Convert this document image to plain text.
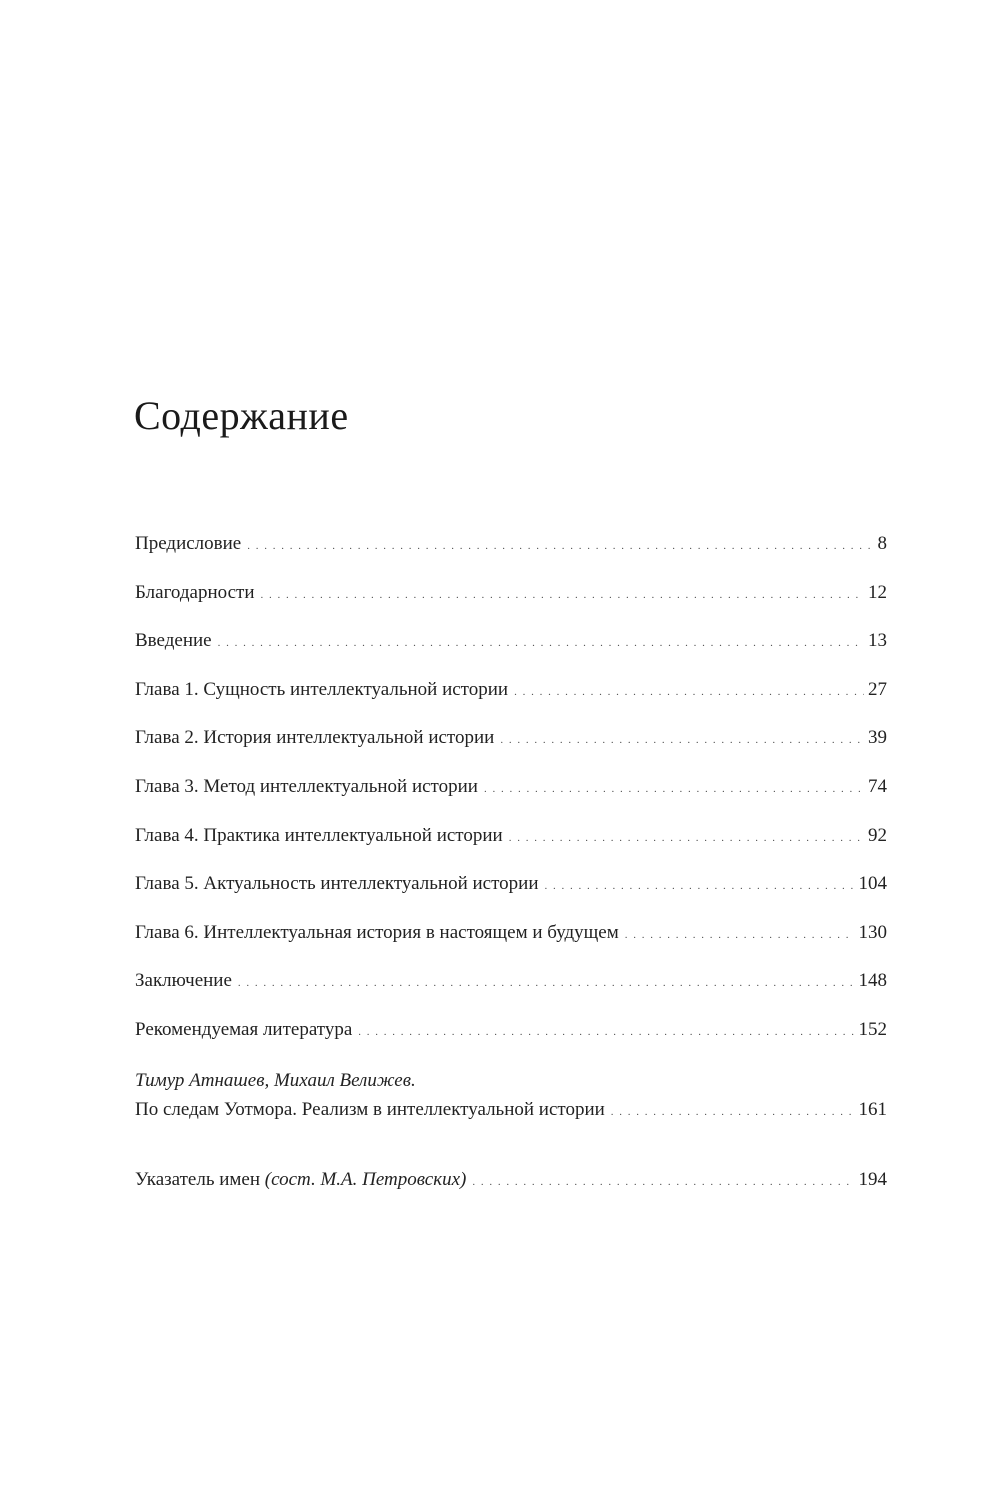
Содержание
Предисловие . . .	8
Благодарности . . .	12
Введение . . .	13
Глава 1. Сущность интеллектуальной истории . . .	27
Глава 2. История интеллектуальной истории . . .	39
Глава 3. Метод интеллектуальной истории . . .	74
Глава 4. Практика интеллектуальной истории . . .	92
Глава 5. Актуальность интеллектуальной истории . . .	104
Глава 6. Интеллектуальная история в настоящем и будущем . . .	130
Заключение . . .	148
Рекомендуемая литература . . .	152
Тимур Атнашев, Михаил Велижев.
По следам Уотмора. Реализм в интеллектуальной истории . . .	161
Указатель имен (сост. М.А. Петровских) . . .	194
